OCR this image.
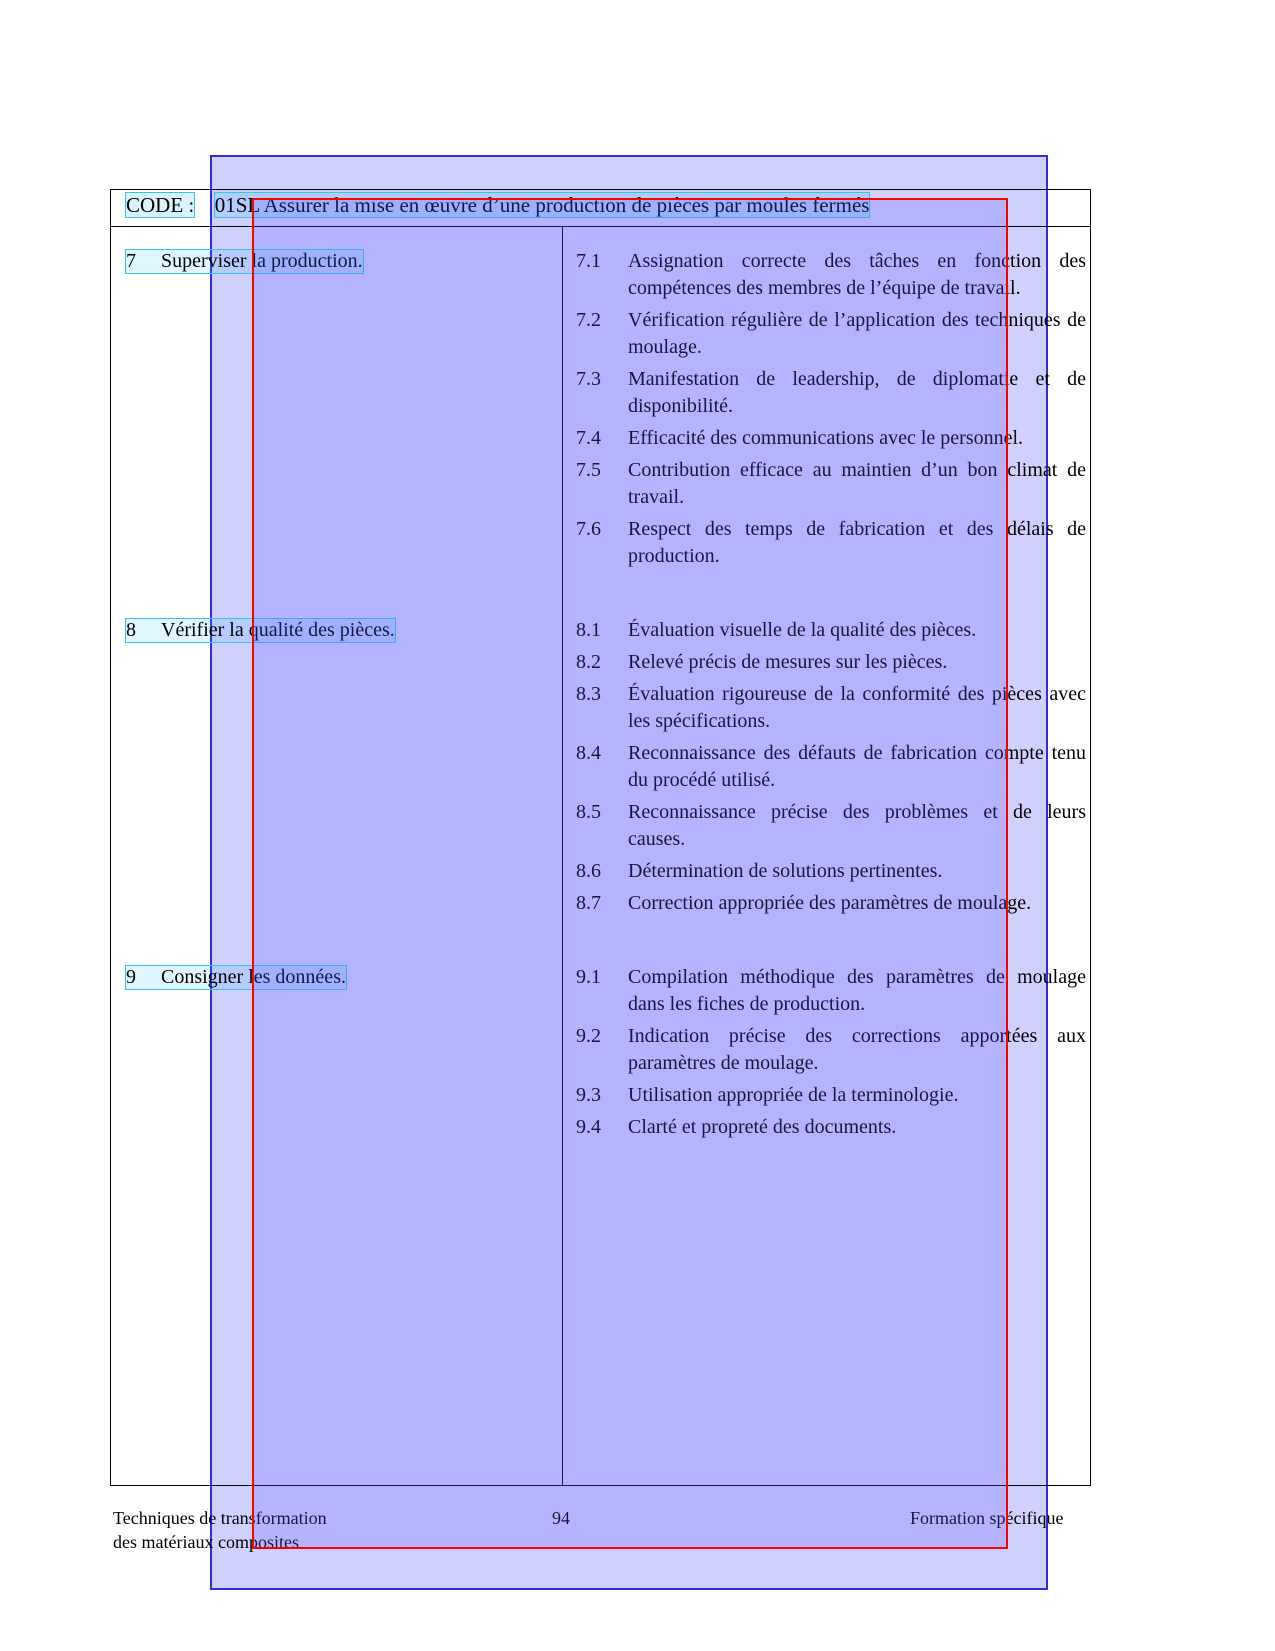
CODE : 01SL Assurer la mise en œuvre d’une production de pièces par moules fermés
7	Superviser la production.	7.1	Assignation correcte des tâches en fonction des compétences des membres de l’équipe de travail.
7.2	Vérification régulière de l’application des techniques de moulage.
7.3	Manifestation de leadership, de diplomatie et de disponibilité.
7.4	Efficacité des communications avec le personnel.
7.5	Contribution efficace au maintien d’un bon climat de travail.
7.6	Respect des temps de fabrication et des délais de production.
8	Vérifier la qualité des pièces.	8.1	Évaluation visuelle de la qualité des pièces.
8.2	Relevé précis de mesures sur les pièces.
8.3	Évaluation rigoureuse de la conformité des pièces avec les spécifications.
8.4	Reconnaissance des défauts de fabrication compte tenu du procédé utilisé.
8.5	Reconnaissance précise des problèmes et de leurs causes.
8.6	Détermination de solutions pertinentes.
8.7	Correction appropriée des paramètres de moulage.
9	Consigner les données.	9.1	Compilation méthodique des paramètres de moulage dans les fiches de production.
9.2	Indication précise des corrections apportées aux paramètres de moulage.
9.3	Utilisation appropriée de la terminologie.
9.4	Clarté et propreté des documents.
Techniques de transformation
des matériaux composites
94	Formation spécifique
